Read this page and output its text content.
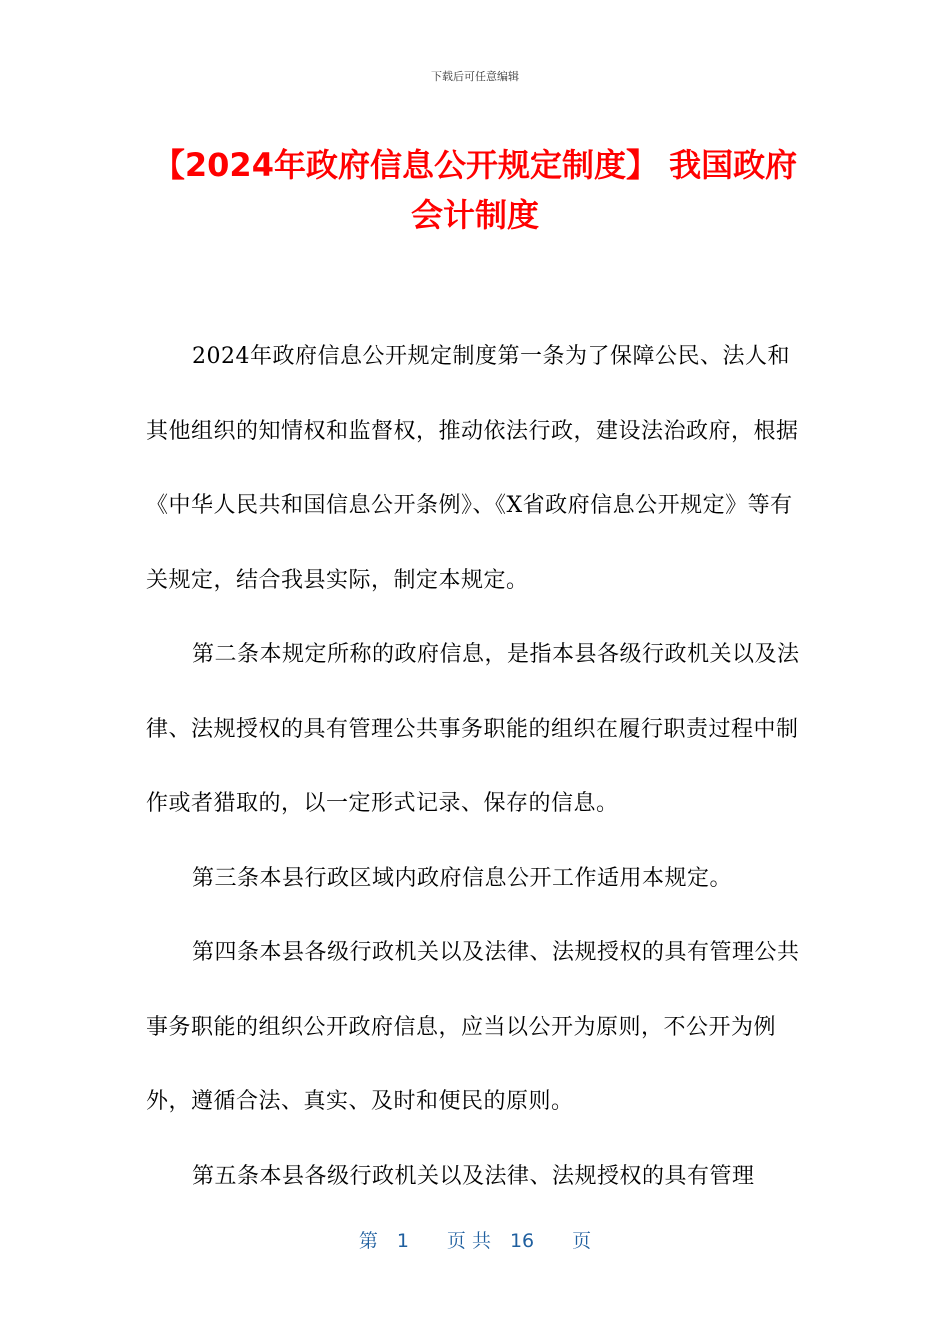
下载后可任意编辑
【2024年政府信息公开规定制度】 我国政府会计制度

2024年政府信息公开规定制度第一条为了保障公民、法人和其他组织的知情权和监督权，推动依法行政，建设法治政府，根据《中华人民共和国信息公开条例》、《X省政府信息公开规定》等有关规定，结合我县实际，制定本规定。

第二条本规定所称的政府信息，是指本县各级行政机关以及法律、法规授权的具有管理公共事务职能的组织在履行职责过程中制作或者猎取的，以一定形式记录、保存的信息。

第三条本县行政区域内政府信息公开工作适用本规定。

第四条本县各级行政机关以及法律、法规授权的具有管理公共事务职能的组织公开政府信息，应当以公开为原则，不公开为例外，遵循合法、真实、及时和便民的原则。

第五条本县各级行政机关以及法律、法规授权的具有管理

第　1　　页 共　16　　页
